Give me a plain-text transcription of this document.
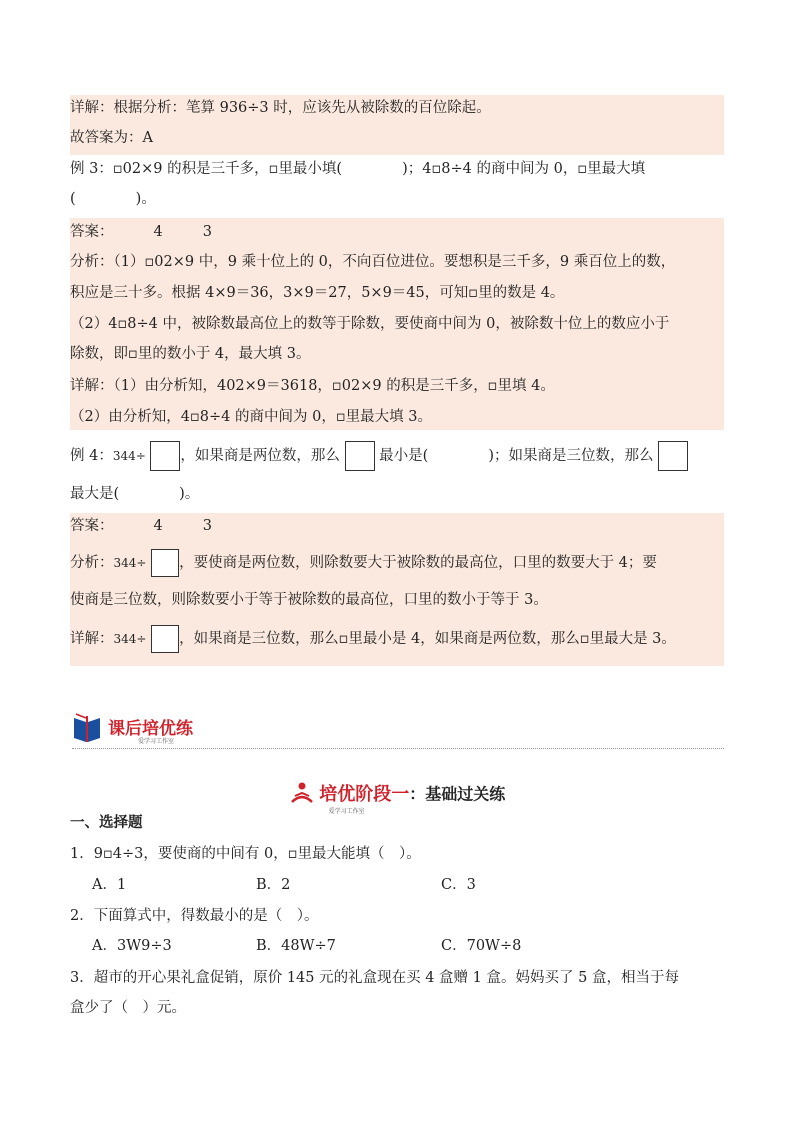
详解：根据分析：笔算 936÷3 时，应该先从被除数的百位除起。
故答案为：A
例 3：▫02×9 的积是三千多，▫里最小填(	)；4▫8÷4 的商中间为 0，▫里最大填
(	)。
答案：	4	3
分析：（1）▫02×9 中，9 乘十位上的 0，不向百位进位。要想积是三千多，9 乘百位上的数，
积应是三十多。根据 4×9＝36，3×9＝27，5×9＝45，可知▫里的数是 4。
（2）4▫8÷4 中，被除数最高位上的数等于除数，要使商中间为 0，被除数十位上的数应小于
除数，即▫里的数小于 4，最大填 3。
详解：（1）由分析知，402×9＝3618，▫02×9 的积是三千多，▫里填 4。
（2）由分析知，4▫8÷4 的商中间为 0，▫里最大填 3。
例 4：344÷ ，如果商是两位数，那么	最小是(	)；如果商是三位数，那么
最大是(	)。
答案：	4	3
分析：344÷ ，要使商是两位数，则除数要大于被除数的最高位，口里的数要大于 4；要
使商是三位数，则除数要小于等于被除数的最高位，口里的数小于等于 3。
详解：344÷ ，如果商是三位数，那么▫里最小是 4，如果商是两位数，那么▫里最大是 3。
课后培优练
爱学习工作室
培优阶段一
爱学习工作室
：基础过关练
一、选择题
1．9▫4÷3，要使商的中间有 0，▫里最大能填（　）。
A．1	B．2	C．3
2．下面算式中，得数最小的是（　）。
A．3W9÷3	B．48W÷7	C．70W÷8
3．超市的开心果礼盒促销，原价 145 元的礼盒现在买 4 盒赠 1 盒。妈妈买了 5 盒，相当于每
盒少了（　）元。
